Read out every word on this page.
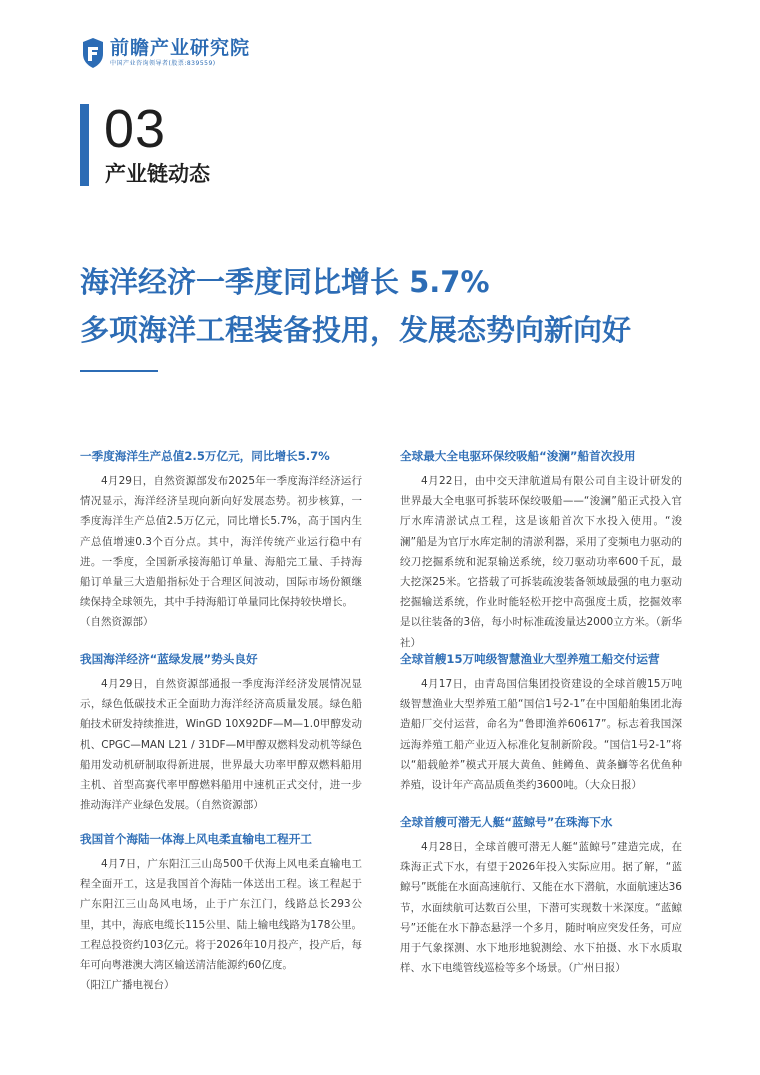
前瞻产业研究院
中国产业咨询领导者(股票:839559)
03
产业链动态
海洋经济一季度同比增长 5.7%
多项海洋工程装备投用，发展态势向新向好
一季度海洋生产总值2.5万亿元，同比增长5.7%
4月29日，自然资源部发布2025年一季度海洋经济运行情况显示，海洋经济呈现向新向好发展态势。初步核算，一季度海洋生产总值2.5万亿元，同比增长5.7%，高于国内生产总值增速0.3个百分点。其中，海洋传统产业运行稳中有进。一季度，全国新承接海船订单量、海船完工量、手持海船订单量三大造船指标处于合理区间波动，国际市场份额继续保持全球领先，其中手持海船订单量同比保持较快增长。
（自然资源部）
我国海洋经济“蓝绿发展”势头良好
4月29日，自然资源部通报一季度海洋经济发展情况显示，绿色低碳技术正全面助力海洋经济高质量发展。绿色船舶技术研发持续推进，WinGD 10X92DF—M—1.0甲醇发动机、CPGC—MAN L21 / 31DF—M甲醇双燃料发动机等绿色船用发动机研制取得新进展，世界最大功率甲醇双燃料船用主机、首型高赛代率甲醇燃料船用中速机正式交付，进一步推动海洋产业绿色发展。（自然资源部）
我国首个海陆一体海上风电柔直输电工程开工
4月7日，广东阳江三山岛500千伏海上风电柔直输电工程全面开工，这是我国首个海陆一体送出工程。该工程起于广东阳江三山岛风电场，止于广东江门，线路总长293公里，其中，海底电缆长115公里、陆上输电线路为178公里。工程总投资约103亿元。将于2026年10月投产，投产后，每年可向粤港澳大湾区输送清洁能源约60亿度。
（阳江广播电视台）
全球最大全电驱环保绞吸船“浚澜”船首次投用
4月22日，由中交天津航道局有限公司自主设计研发的世界最大全电驱可拆装环保绞吸船——“浚澜”船正式投入官厅水库清淤试点工程，这是该船首次下水投入使用。“浚澜”船是为官厅水库定制的清淤利器，采用了变频电力驱动的绞刀挖掘系统和泥泵输送系统，绞刀驱动功率600千瓦，最大挖深25米。它搭载了可拆装疏浚装备领域最强的电力驱动挖掘输送系统，作业时能轻松开挖中高强度土质，挖掘效率是以往装备的3倍，每小时标准疏浚量达2000立方米。（新华社）
全球首艘15万吨级智慧渔业大型养殖工船交付运营
4月17日，由青岛国信集团投资建设的全球首艘15万吨级智慧渔业大型养殖工船“国信1号2-1”在中国船舶集团北海造船厂交付运营，命名为“鲁即渔养60617”。标志着我国深远海养殖工船产业迈入标准化复制新阶段。“国信1号2-1”将以“船载舱养”模式开展大黄鱼、鲑鳟鱼、黄条鰤等名优鱼种养殖，设计年产高品质鱼类约3600吨。（大众日报）
全球首艘可潜无人艇“蓝鲸号”在珠海下水
4月28日，全球首艘可潜无人艇“蓝鲸号”建造完成，在珠海正式下水，有望于2026年投入实际应用。据了解，“蓝鲸号”既能在水面高速航行、又能在水下潜航，水面航速达36节，水面续航可达数百公里，下潜可实现数十米深度。“蓝鲸号”还能在水下静态悬浮一个多月，随时响应突发任务，可应用于气象探测、水下地形地貌测绘、水下拍摄、水下水质取样、水下电缆管线巡检等多个场景。（广州日报）
